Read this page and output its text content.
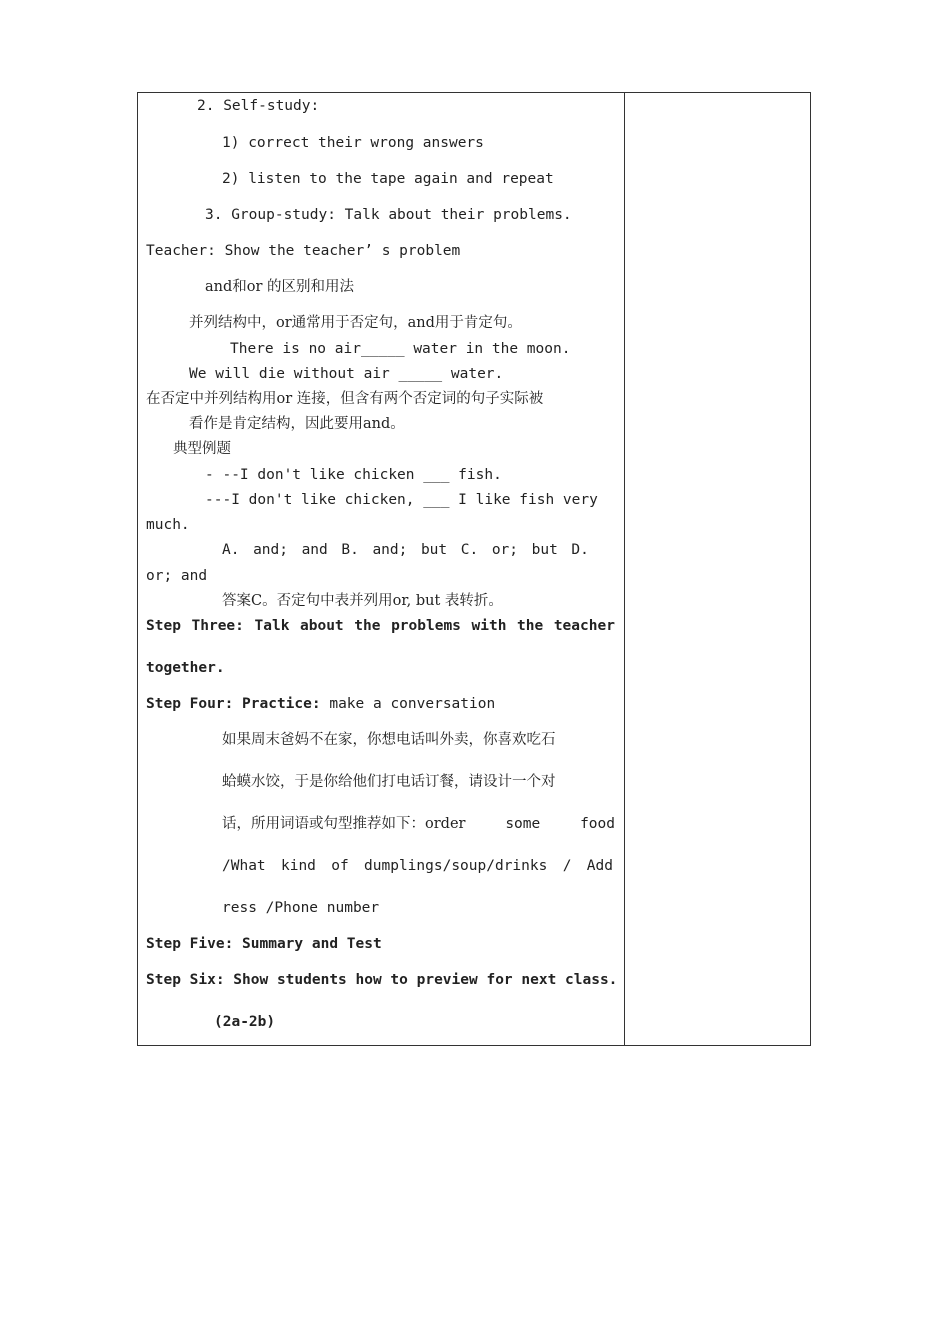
2. Self-study:
1) correct their wrong answers
2) listen to the tape again and repeat
3. Group-study: Talk about their problems.
Teacher: Show the teacher’ s problem
and和or 的区别和用法
并列结构中，or通常用于否定句，and用于肯定句。
There is no air_____ water in the moon.
We will die without air _____ water.
在否定中并列结构用or 连接，但含有两个否定词的句子实际被
看作是肯定结构，因此要用and。
典型例题
- --I don't like chicken ___ fish.
---I don't like chicken, ___ I like fish very
much.
A. and; and B. and; but C. or; but D.
or; and
答案C。否定句中表并列用or, but 表转折。
Step Three: Talk about the problems with the teacher
together.
Step Four: Practice: make a conversation
如果周末爸妈不在家，你想电话叫外卖，你喜欢吃石
蛤蟆水饺，于是你给他们打电话订餐，请设计一个对
话，所用词语或句型推荐如下：order	some	food
/What kind of dumplings/soup/drinks / Add
ress /Phone number
Step Five: Summary and Test
Step Six: Show students how to preview for next class.
(2a-2b)
